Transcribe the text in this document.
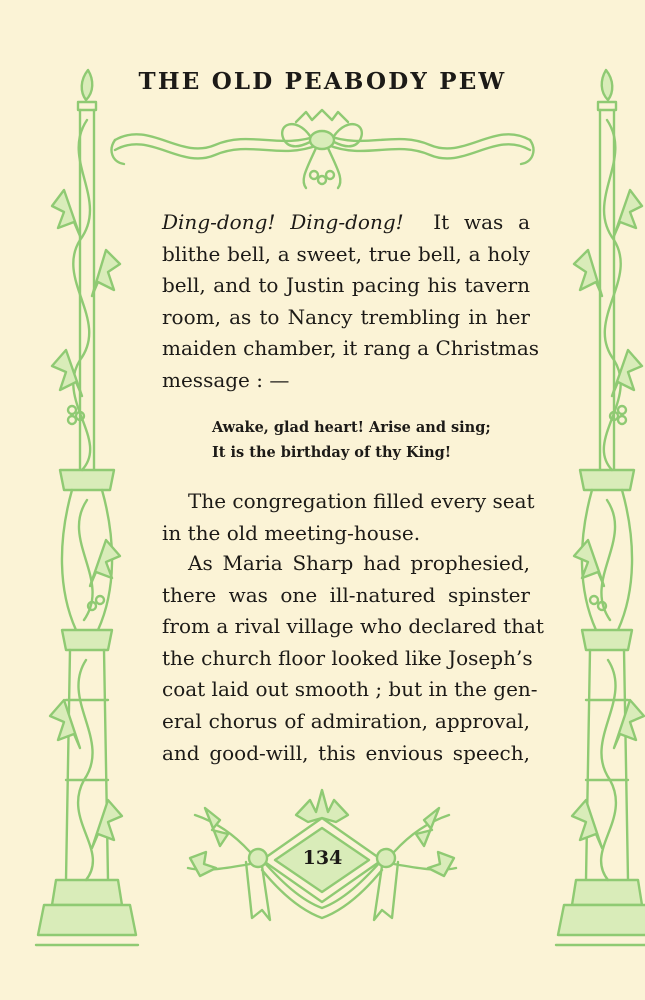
THE OLD PEABODY PEW
Ding-dong! Ding-dong! It was a
blithe bell, a sweet, true bell, a holy
bell, and to Justin pacing his tavern
room, as to Nancy trembling in her
maiden chamber, it rang a Christmas
message : —
Awake, glad heart! Arise and sing;
It is the birthday of thy King!
The congregation filled every seat
in the old meeting-house.
As Maria Sharp had prophesied,
there was one ill-natured spinster
from a rival village who declared that
the church floor looked like Joseph’s
coat laid out smooth ; but in the gen-
eral chorus of admiration, approval,
and good-will, this envious speech,
134
